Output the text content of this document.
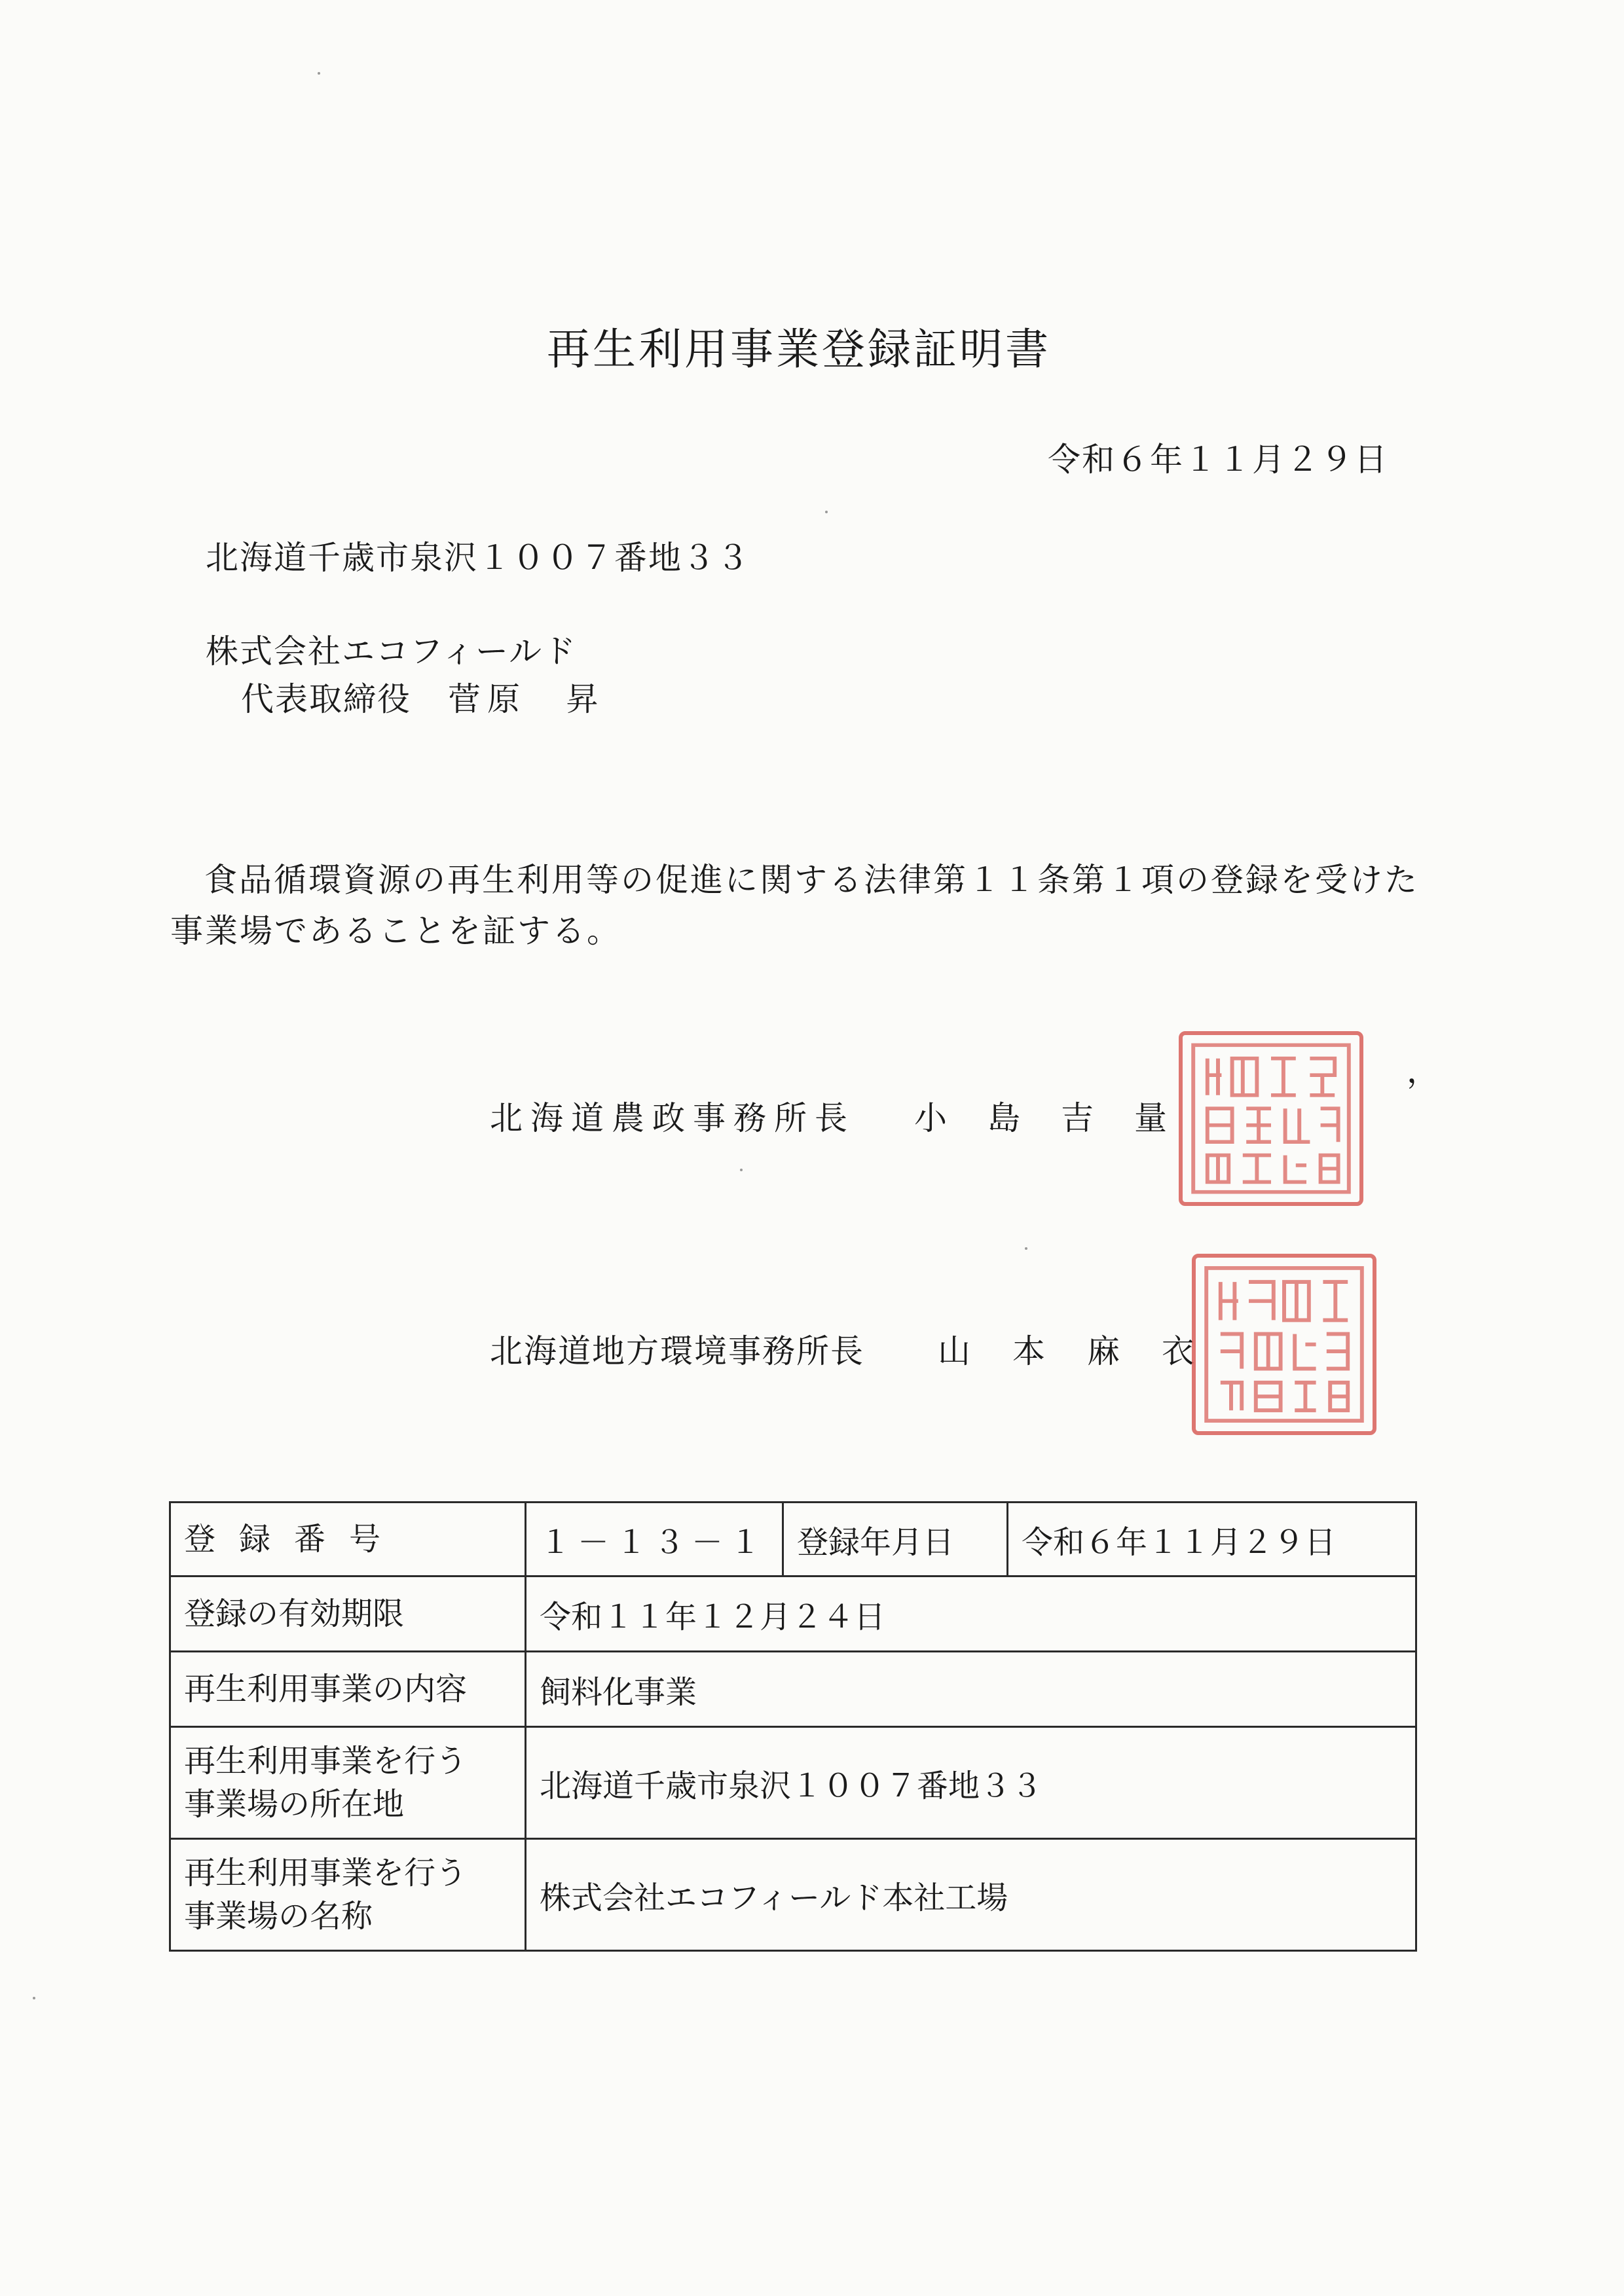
再生利用事業登録証明書
令和６年１１月２９日
北海道千歳市泉沢１００７番地３３
株式会社エコフィールド
代表取締役 菅原　昇
食品循環資源の再生利用等の促進に関する法律第１１条第１項の登録を受けた事業場であることを証する。
，
北海道農政事務所長 小島吉量
北海道地方環境事務所長 山本麻衣
登録番号	１－１３－１	登録年月日	令和６年１１月２９日
登録の有効期限	令和１１年１２月２４日		
再生利用事業の内容	飼料化事業		

再生利用事業を行う
事業場の所在地	北海道千歳市泉沢１００７番地３３		

再生利用事業を行う
事業場の名称	株式会社エコフィールド本社工場		
